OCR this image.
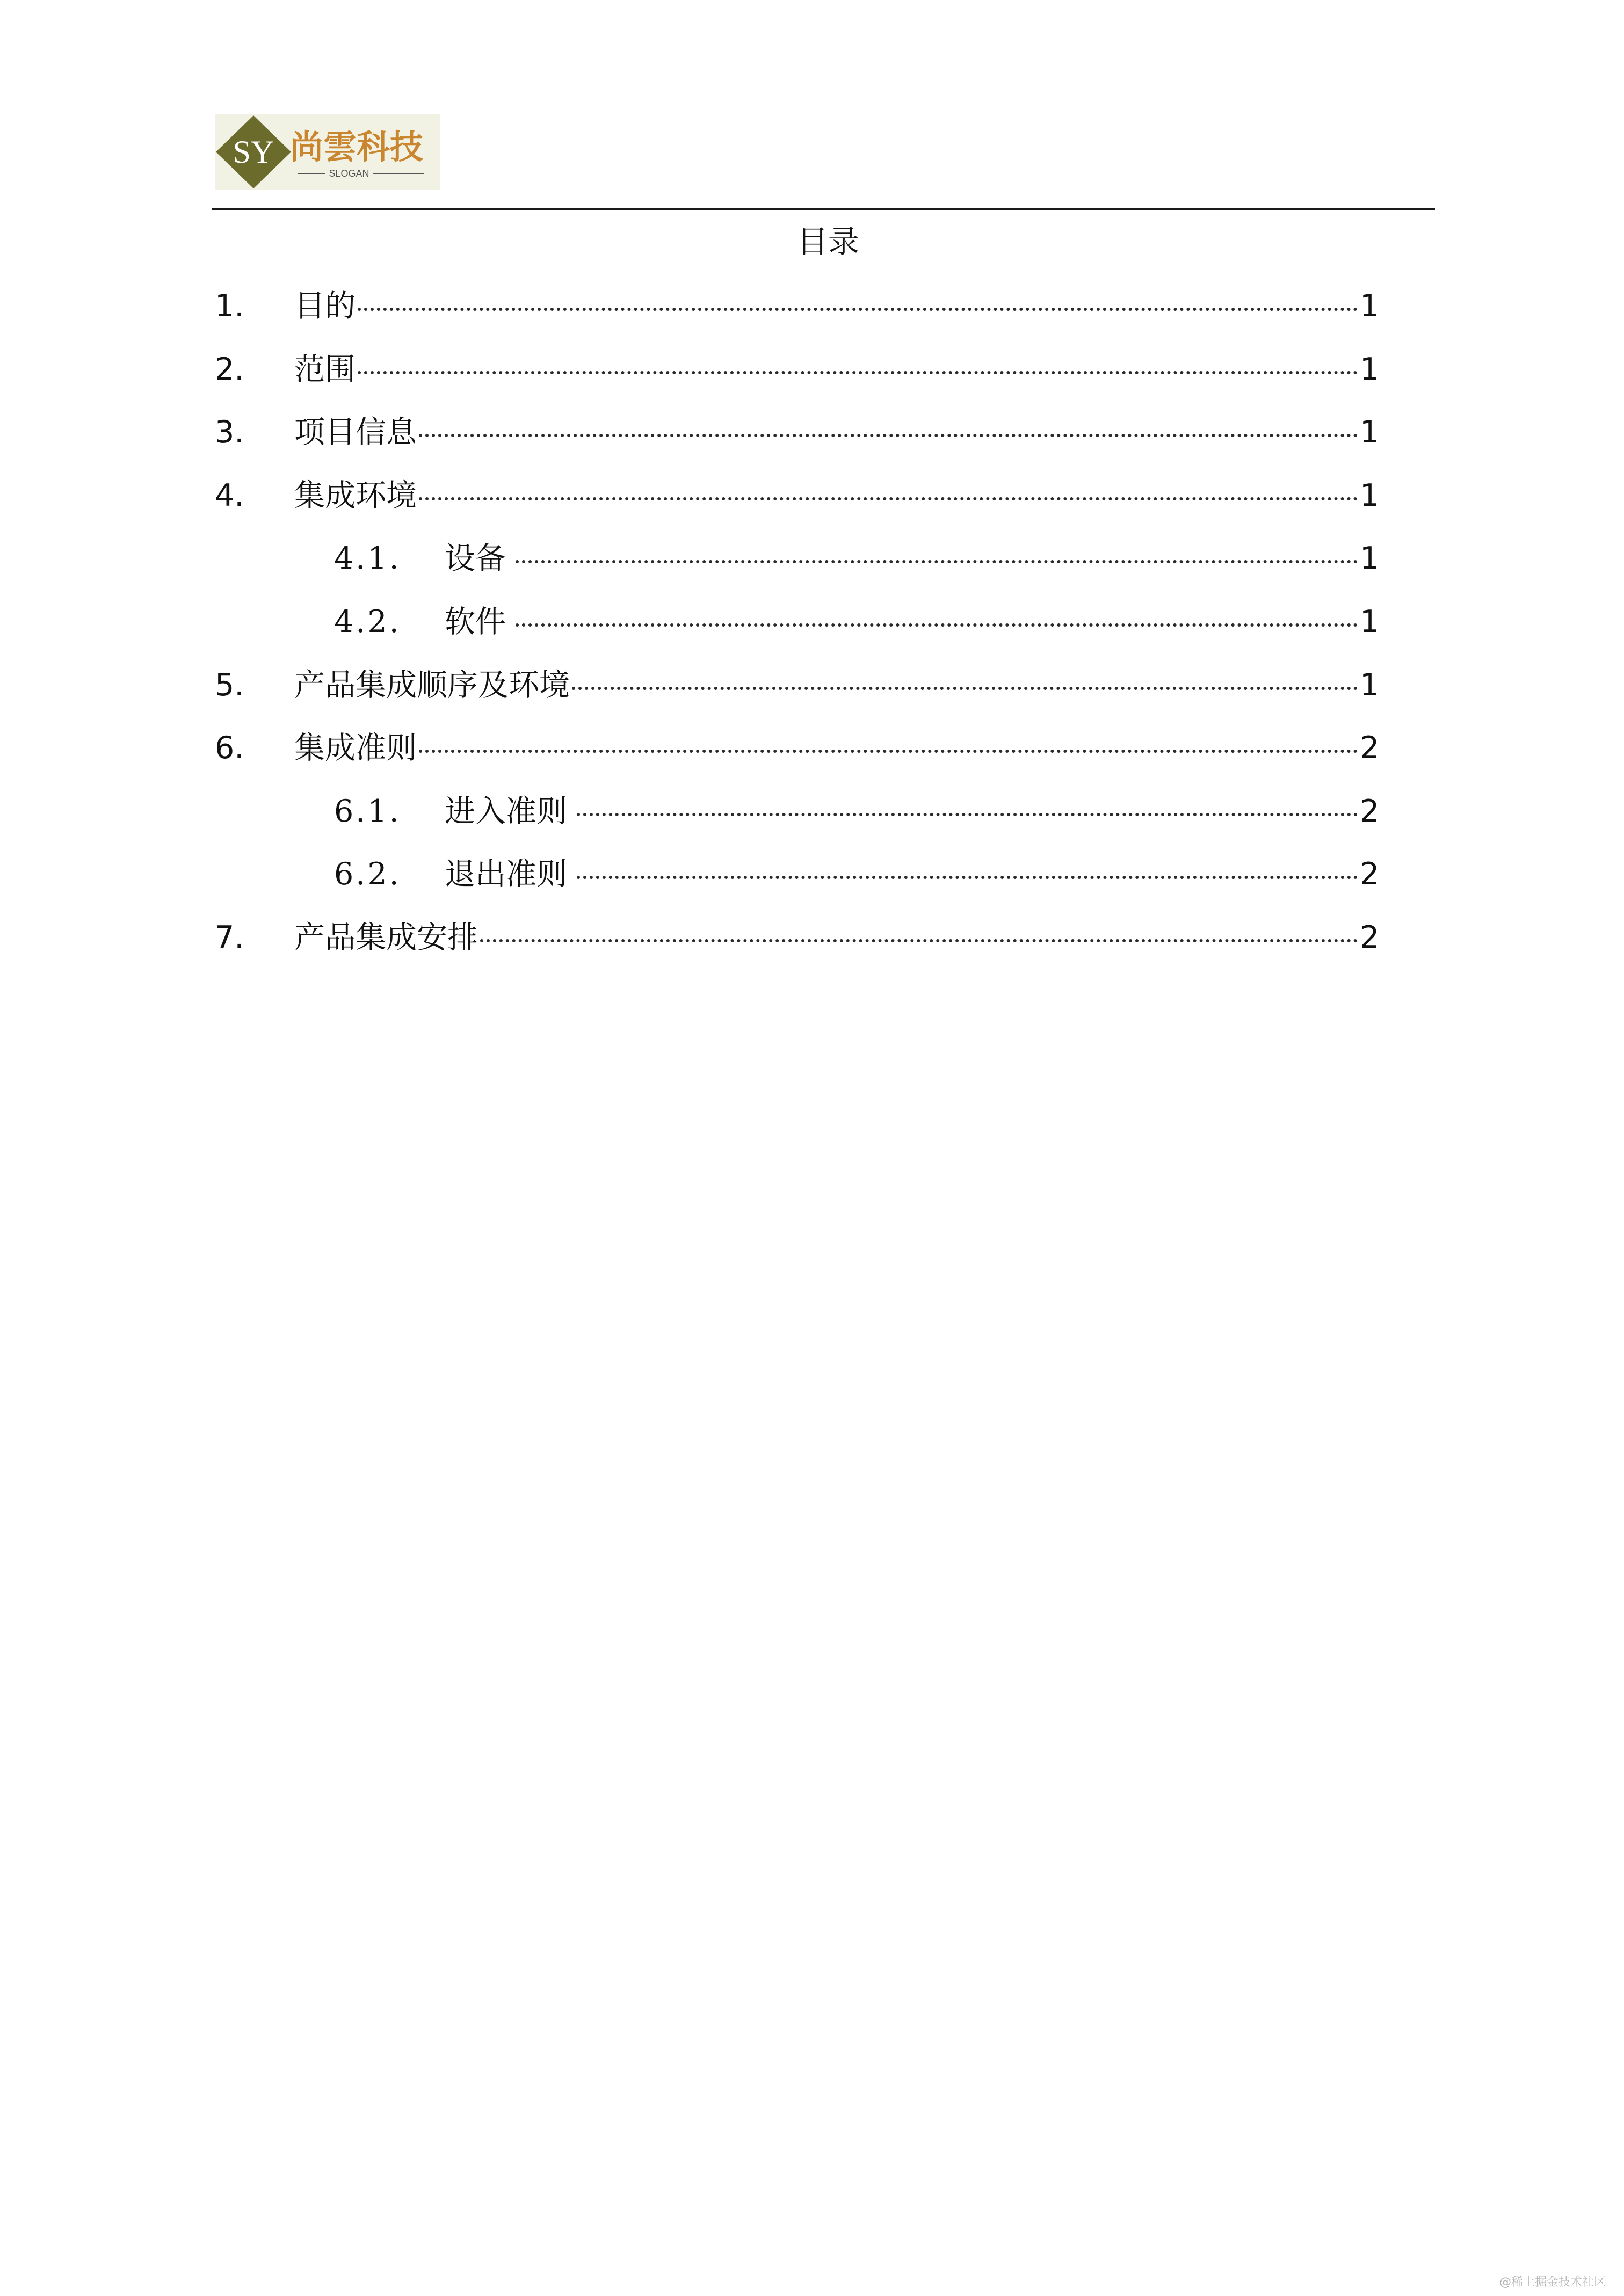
SY 尚雲科技
SLOGAN
目录
1.	目的	1
2.	范围	1
3.	项目信息	1
4.	集成环境	1
4.1.	设备	1
4.2.	软件	1
5.	产品集成顺序及环境	1
6.	集成准则	2
6.1.	进入准则	2
6.2.	退出准则	2
7.	产品集成安排	2
@稀土掘金技术社区
